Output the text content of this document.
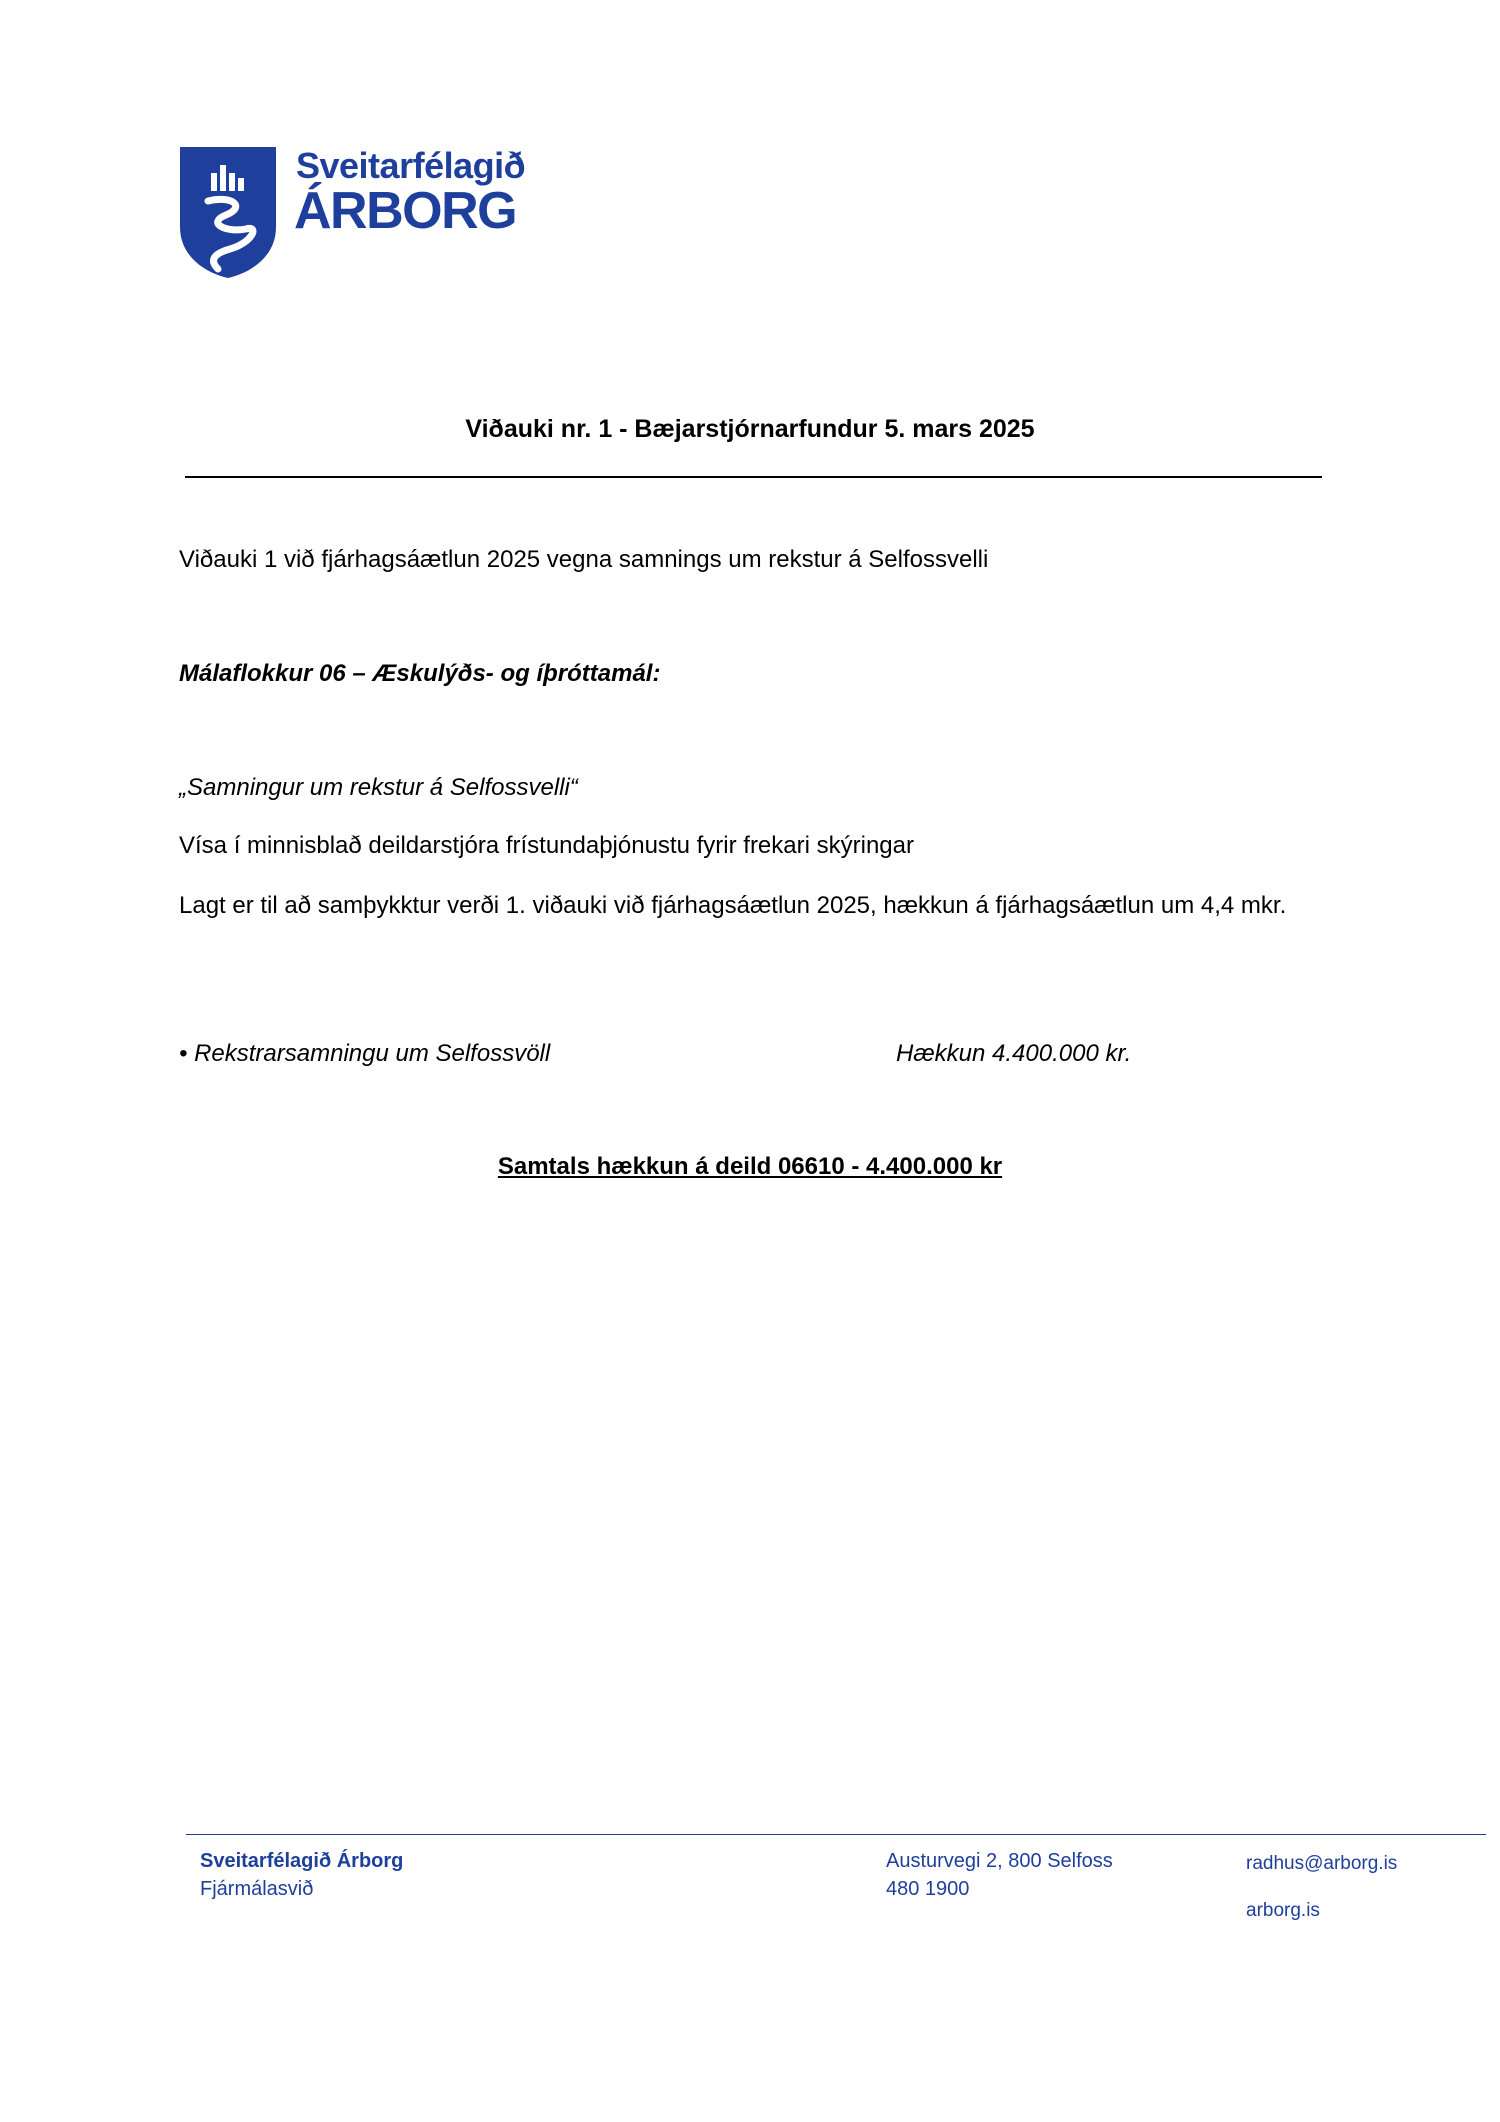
Sveitarfélagið
ÁRBORG
Viðauki nr. 1 - Bæjarstjórnarfundur 5. mars 2025
Viðauki 1 við fjárhagsáætlun 2025 vegna samnings um rekstur á Selfossvelli
Málaflokkur 06 – Æskulýðs- og íþróttamál:
„Samningur um rekstur á Selfossvelli“
Vísa í minnisblað deildarstjóra frístundaþjónustu fyrir frekari skýringar
Lagt er til að samþykktur verði 1. viðauki við fjárhagsáætlun 2025, hækkun á fjárhagsáætlun um 4,4 mkr.
• Rekstrarsamningu um Selfossvöll	Hækkun 4.400.000 kr.
Samtals hækkun á deild 06610 - 4.400.000 kr
Sveitarfélagið Árborg
Fjármálasvið
Austurvegi 2, 800 Selfoss
480 1900
radhus@arborg.is
arborg.is
